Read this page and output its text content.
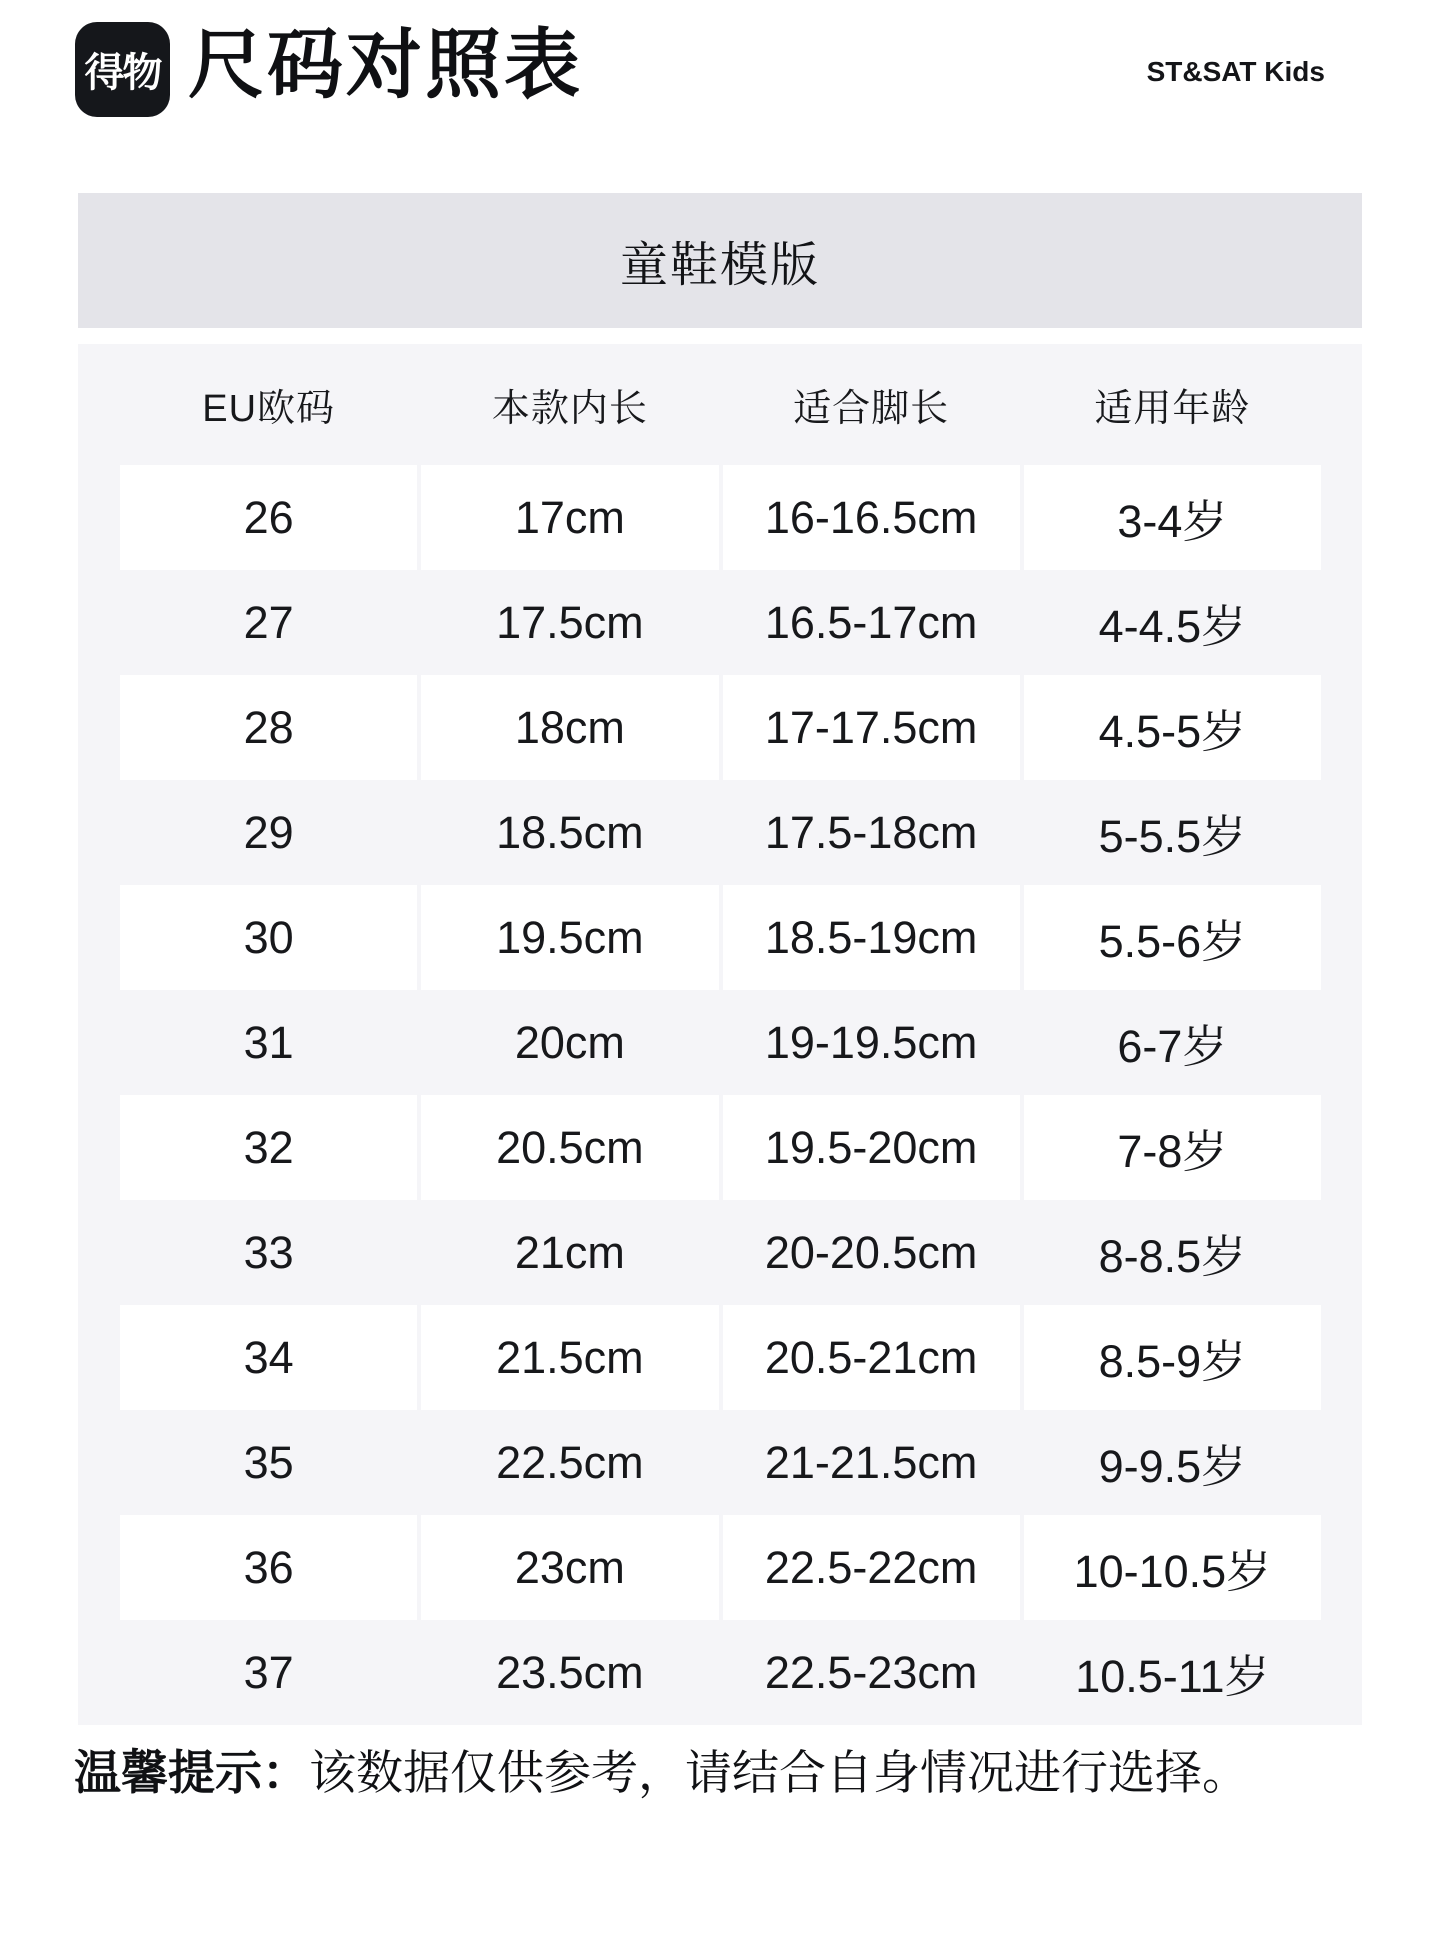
得物 尺码对照表	ST&SAT Kids
童鞋模版
EU欧码	本款内长	适合脚长	适用年龄
26	17cm	16-16.5cm	3-4岁
27	17.5cm	16.5-17cm	4-4.5岁
28	18cm	17-17.5cm	4.5-5岁
29	18.5cm	17.5-18cm	5-5.5岁
30	19.5cm	18.5-19cm	5.5-6岁
31	20cm	19-19.5cm	6-7岁
32	20.5cm	19.5-20cm	7-8岁
33	21cm	20-20.5cm	8-8.5岁
34	21.5cm	20.5-21cm	8.5-9岁
35	22.5cm	21-21.5cm	9-9.5岁
36	23cm	22.5-22cm	10-10.5岁
37	23.5cm	22.5-23cm	10.5-11岁
温馨提示：该数据仅供参考，请结合自身情况进行选择。
